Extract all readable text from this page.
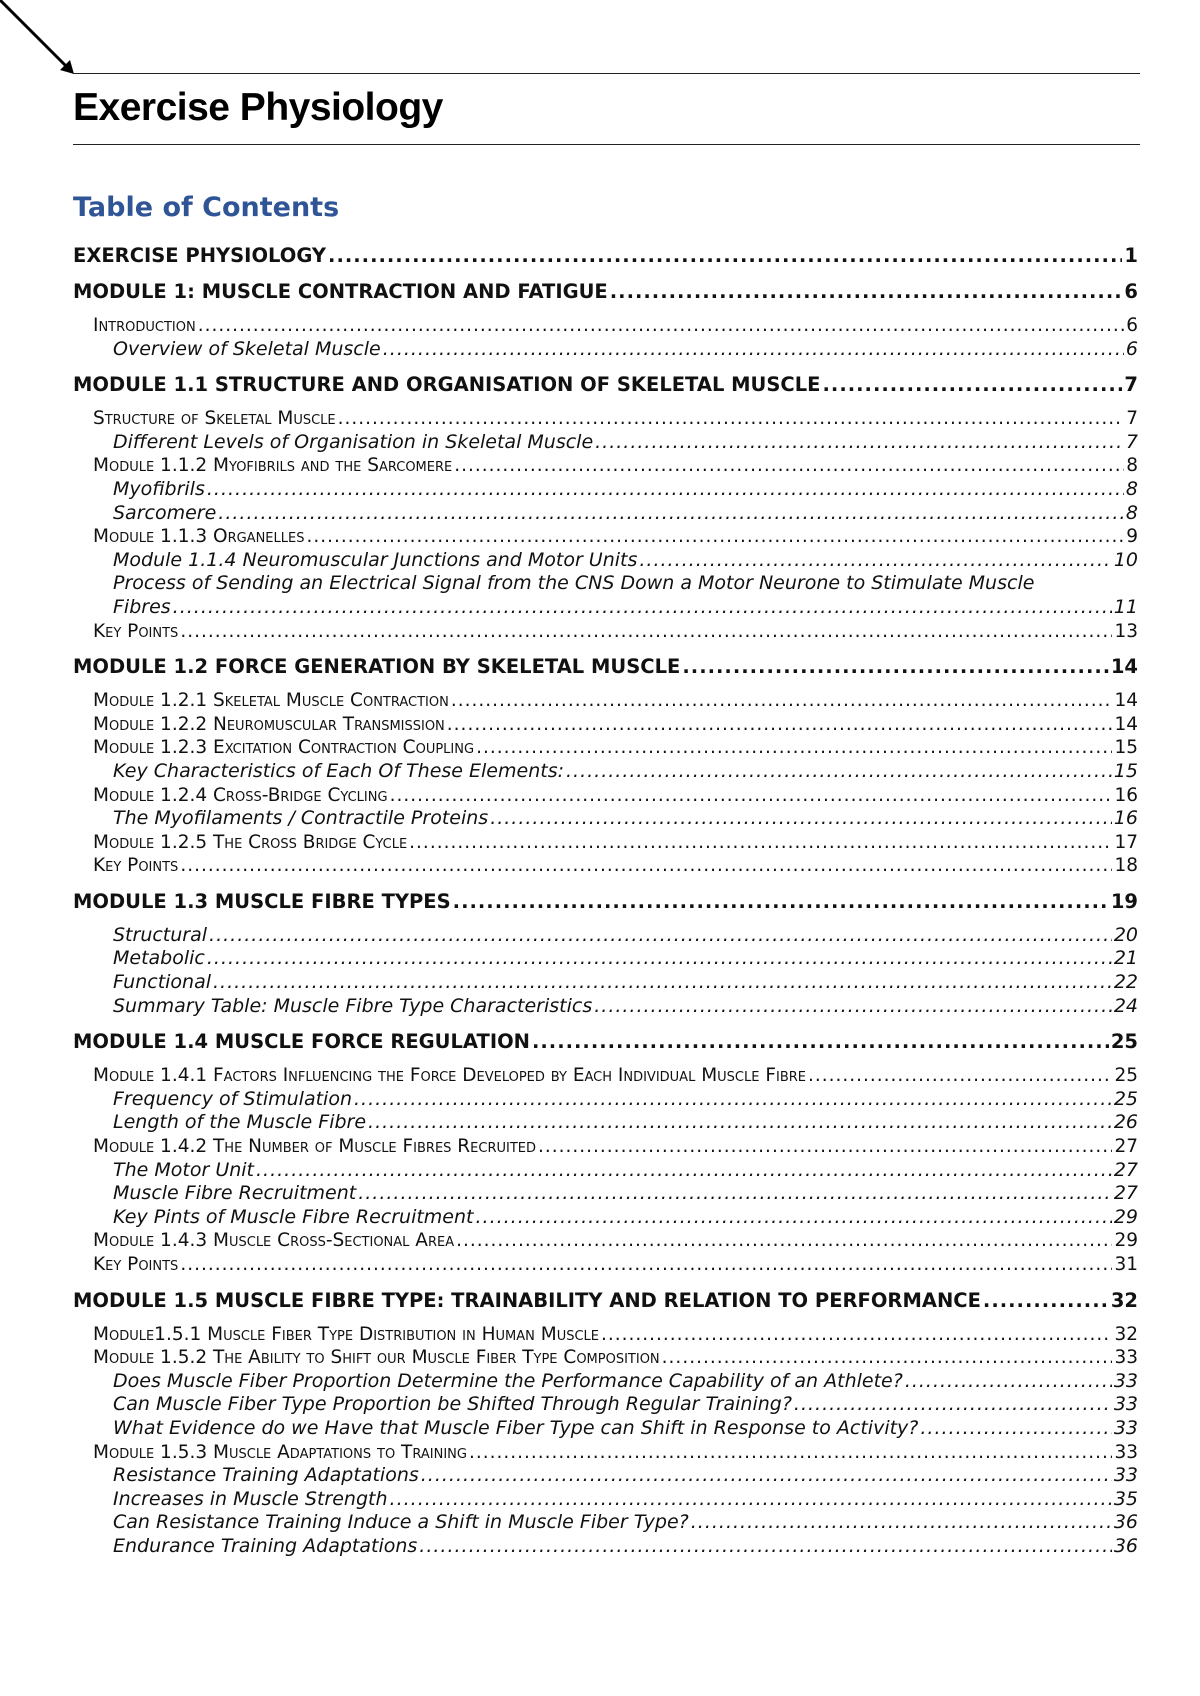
Exercise Physiology
Table of Contents
EXERCISE PHYSIOLOGY .....	1
MODULE 1: MUSCLE CONTRACTION AND FATIGUE .....	6
Introduction .....	6
Overview of Skeletal Muscle .....	6
MODULE 1.1 STRUCTURE AND ORGANISATION OF SKELETAL MUSCLE .....	7
Structure of Skeletal Muscle .....	7
Different Levels of Organisation in Skeletal Muscle .....	7
Module 1.1.2 Myofibrils and the Sarcomere .....	8
Myofibrils .....	8
Sarcomere .....	8
Module 1.1.3 Organelles .....	9
Module 1.1.4 Neuromuscular Junctions and Motor Units .....	10
Process of Sending an Electrical Signal from the CNS Down a Motor Neurone to Stimulate Muscle
Fibres .....	11
Key Points .....	13
MODULE 1.2 FORCE GENERATION BY SKELETAL MUSCLE .....	14
Module 1.2.1 Skeletal Muscle Contraction .....	14
Module 1.2.2 Neuromuscular Transmission .....	14
Module 1.2.3 Excitation Contraction Coupling .....	15
Key Characteristics of Each Of These Elements: .....	15
Module 1.2.4 Cross-Bridge Cycling .....	16
The Myofilaments / Contractile Proteins .....	16
Module 1.2.5 The Cross Bridge Cycle .....	17
Key Points .....	18
MODULE 1.3 MUSCLE FIBRE TYPES .....	19
Structural .....	20
Metabolic .....	21
Functional .....	22
Summary Table: Muscle Fibre Type Characteristics .....	24
MODULE 1.4 MUSCLE FORCE REGULATION .....	25
Module 1.4.1 Factors Influencing the Force Developed by Each Individual Muscle Fibre .....	25
Frequency of Stimulation .....	25
Length of the Muscle Fibre .....	26
Module 1.4.2 The Number of Muscle Fibres Recruited .....	27
The Motor Unit .....	27
Muscle Fibre Recruitment .....	27
Key Pints of Muscle Fibre Recruitment .....	29
Module 1.4.3 Muscle Cross-Sectional Area .....	29
Key Points .....	31
MODULE 1.5 MUSCLE FIBRE TYPE: TRAINABILITY AND RELATION TO PERFORMANCE .....	32
Module1.5.1 Muscle Fiber Type Distribution in Human Muscle .....	32
Module 1.5.2 The Ability to Shift our Muscle Fiber Type Composition .....	33
Does Muscle Fiber Proportion Determine the Performance Capability of an Athlete? .....	33
Can Muscle Fiber Type Proportion be Shifted Through Regular Training? .....	33
What Evidence do we Have that Muscle Fiber Type can Shift in Response to Activity? .....	33
Module 1.5.3 Muscle Adaptations to Training .....	33
Resistance Training Adaptations .....	33
Increases in Muscle Strength .....	35
Can Resistance Training Induce a Shift in Muscle Fiber Type? .....	36
Endurance Training Adaptations .....	36
